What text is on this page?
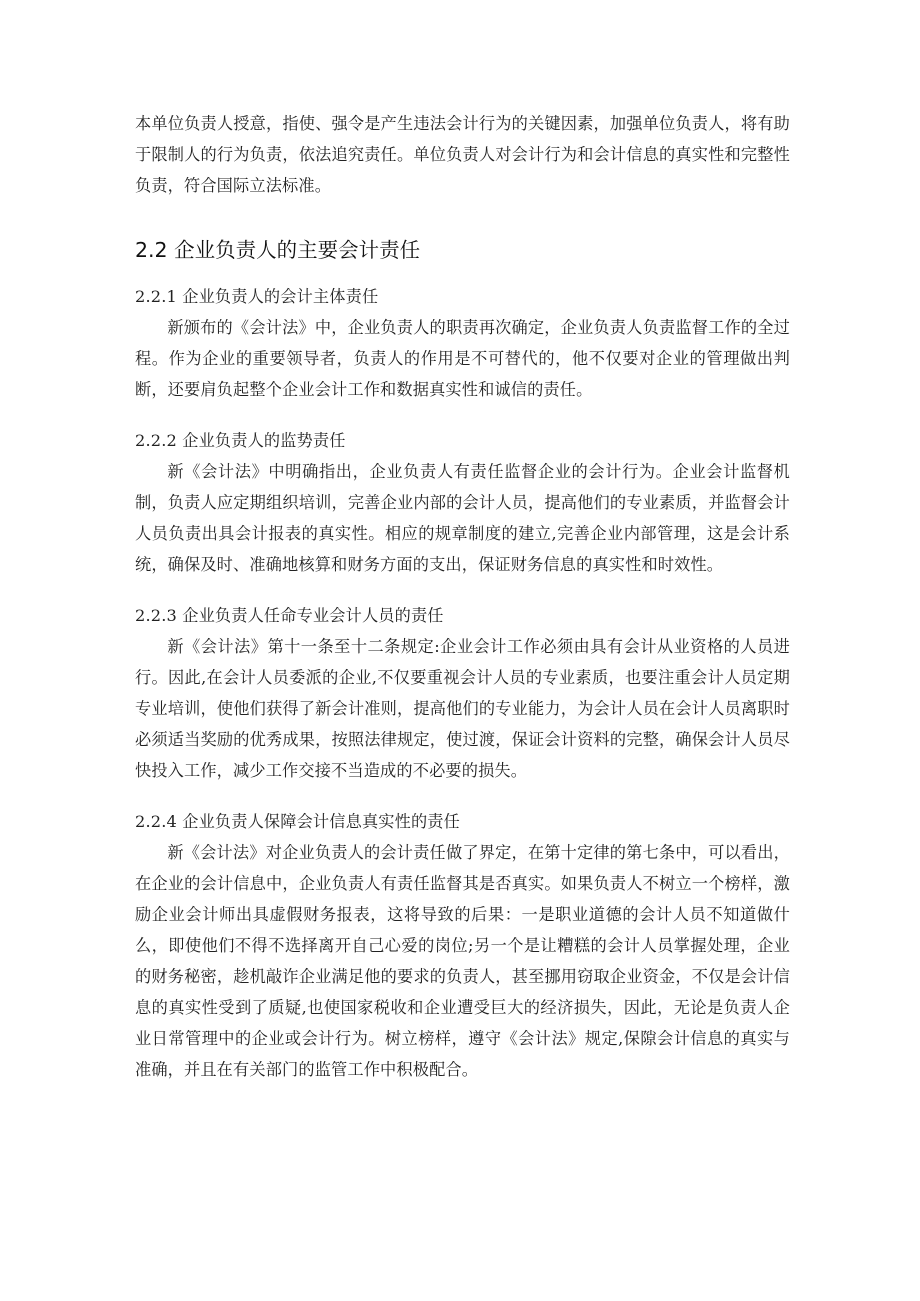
本单位负责人授意，指使、强令是产生违法会计行为的关键因素，加强单位负责人，将有助于限制人的行为负责，依法追究责任。单位负责人对会计行为和会计信息的真实性和完整性负责，符合国际立法标准。

2.2 企业负责人的主要会计责任

2.2.1 企业负责人的会计主体责任

新颁布的《会计法》中，企业负责人的职责再次确定，企业负责人负责监督工作的全过程。作为企业的重要领导者，负责人的作用是不可替代的，他不仅要对企业的管理做出判断，还要肩负起整个企业会计工作和数据真实性和诚信的责任。

2.2.2 企业负责人的监势责任

新《会计法》中明确指出，企业负责人有责任监督企业的会计行为。企业会计监督机制，负责人应定期组织培训，完善企业内部的会计人员，提高他们的专业素质，并监督会计人员负责出具会计报表的真实性。相应的规章制度的建立,完善企业内部管理，这是会计系统，确保及时、准确地核算和财务方面的支出，保证财务信息的真实性和时效性。

2.2.3 企业负责人任命专业会计人员的责任

新《会计法》第十一条至十二条规定:企业会计工作必须由具有会计从业资格的人员进行。因此,在会计人员委派的企业,不仅要重视会计人员的专业素质，也要注重会计人员定期专业培训，使他们获得了新会计准则，提高他们的专业能力，为会计人员在会计人员离职时必须适当奖励的优秀成果，按照法律规定，使过渡，保证会计资料的完整，确保会计人员尽快投入工作，减少工作交接不当造成的不必要的损失。

2.2.4 企业负责人保障会计信息真实性的责任

新《会计法》对企业负责人的会计责任做了界定，在第十定律的第七条中，可以看出，在企业的会计信息中，企业负责人有责任监督其是否真实。如果负责人不树立一个榜样，激励企业会计师出具虚假财务报表，这将导致的后果：一是职业道德的会计人员不知道做什么，即使他们不得不选择离开自己心爱的岗位;另一个是让糟糕的会计人员掌握处理，企业的财务秘密，趁机敲诈企业满足他的要求的负责人，甚至挪用窃取企业资金，不仅是会计信息的真实性受到了质疑,也使国家税收和企业遭受巨大的经济损失，因此，无论是负责人企业日常管理中的企业或会计行为。树立榜样，遵守《会计法》规定,保隙会计信息的真实与准确，并且在有关部门的监管工作中积极配合。
